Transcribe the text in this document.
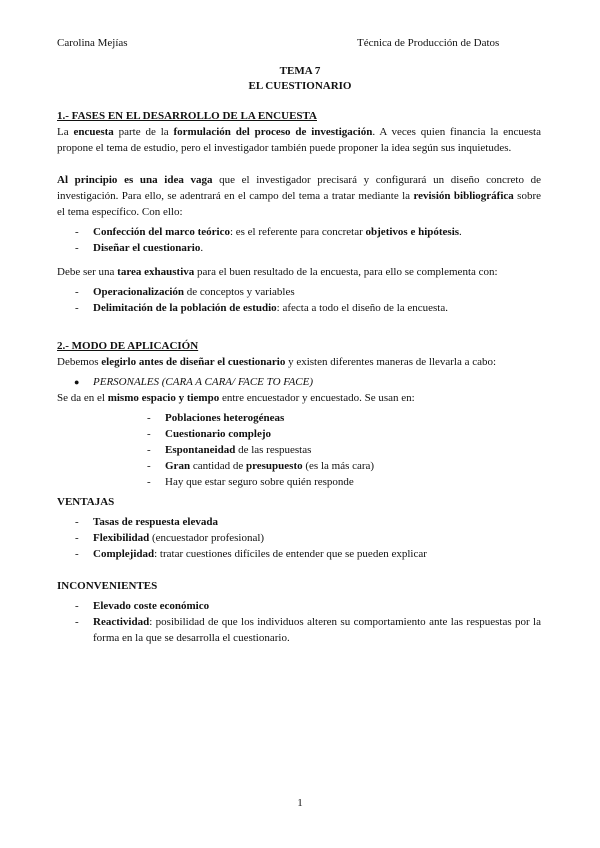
Carolina Mejías	Técnica de Producción de Datos
TEMA 7
EL CUESTIONARIO
1.- FASES EN EL DESARROLLO DE LA ENCUESTA

La encuesta parte de la formulación del proceso de investigación. A veces quien financia la encuesta propone el tema de estudio, pero el investigador también puede proponer la idea según sus inquietudes.

Al principio es una idea vaga que el investigador precisará y configurará un diseño concreto de investigación. Para ello, se adentrará en el campo del tema a tratar mediante la revisión bibliográfica sobre el tema específico. Con ello:

- Confección del marco teórico: es el referente para concretar objetivos e hipótesis.
- Diseñar el cuestionario.

Debe ser una tarea exhaustiva para el buen resultado de la encuesta, para ello se complementa con:

- Operacionalización de conceptos y variables
- Delimitación de la población de estudio: afecta a todo el diseño de la encuesta.
2.- MODO DE APLICACIÓN

Debemos elegirlo antes de diseñar el cuestionario y existen diferentes maneras de llevarla a cabo:

● PERSONALES (CARA A CARA/ FACE TO FACE)

Se da en el mismo espacio y tiempo entre encuestador y encuestado. Se usan en:

- Poblaciones heterogéneas
- Cuestionario complejo
- Espontaneidad de las respuestas
- Gran cantidad de presupuesto (es la más cara)
- Hay que estar seguro sobre quién responde
VENTAJAS
- Tasas de respuesta elevada
- Flexibilidad (encuestador profesional)
- Complejidad: tratar cuestiones difíciles de entender que se pueden explicar
INCONVENIENTES
- Elevado coste económico
- Reactividad: posibilidad de que los individuos alteren su comportamiento ante las respuestas por la forma en la que se desarrolla el cuestionario.
1
